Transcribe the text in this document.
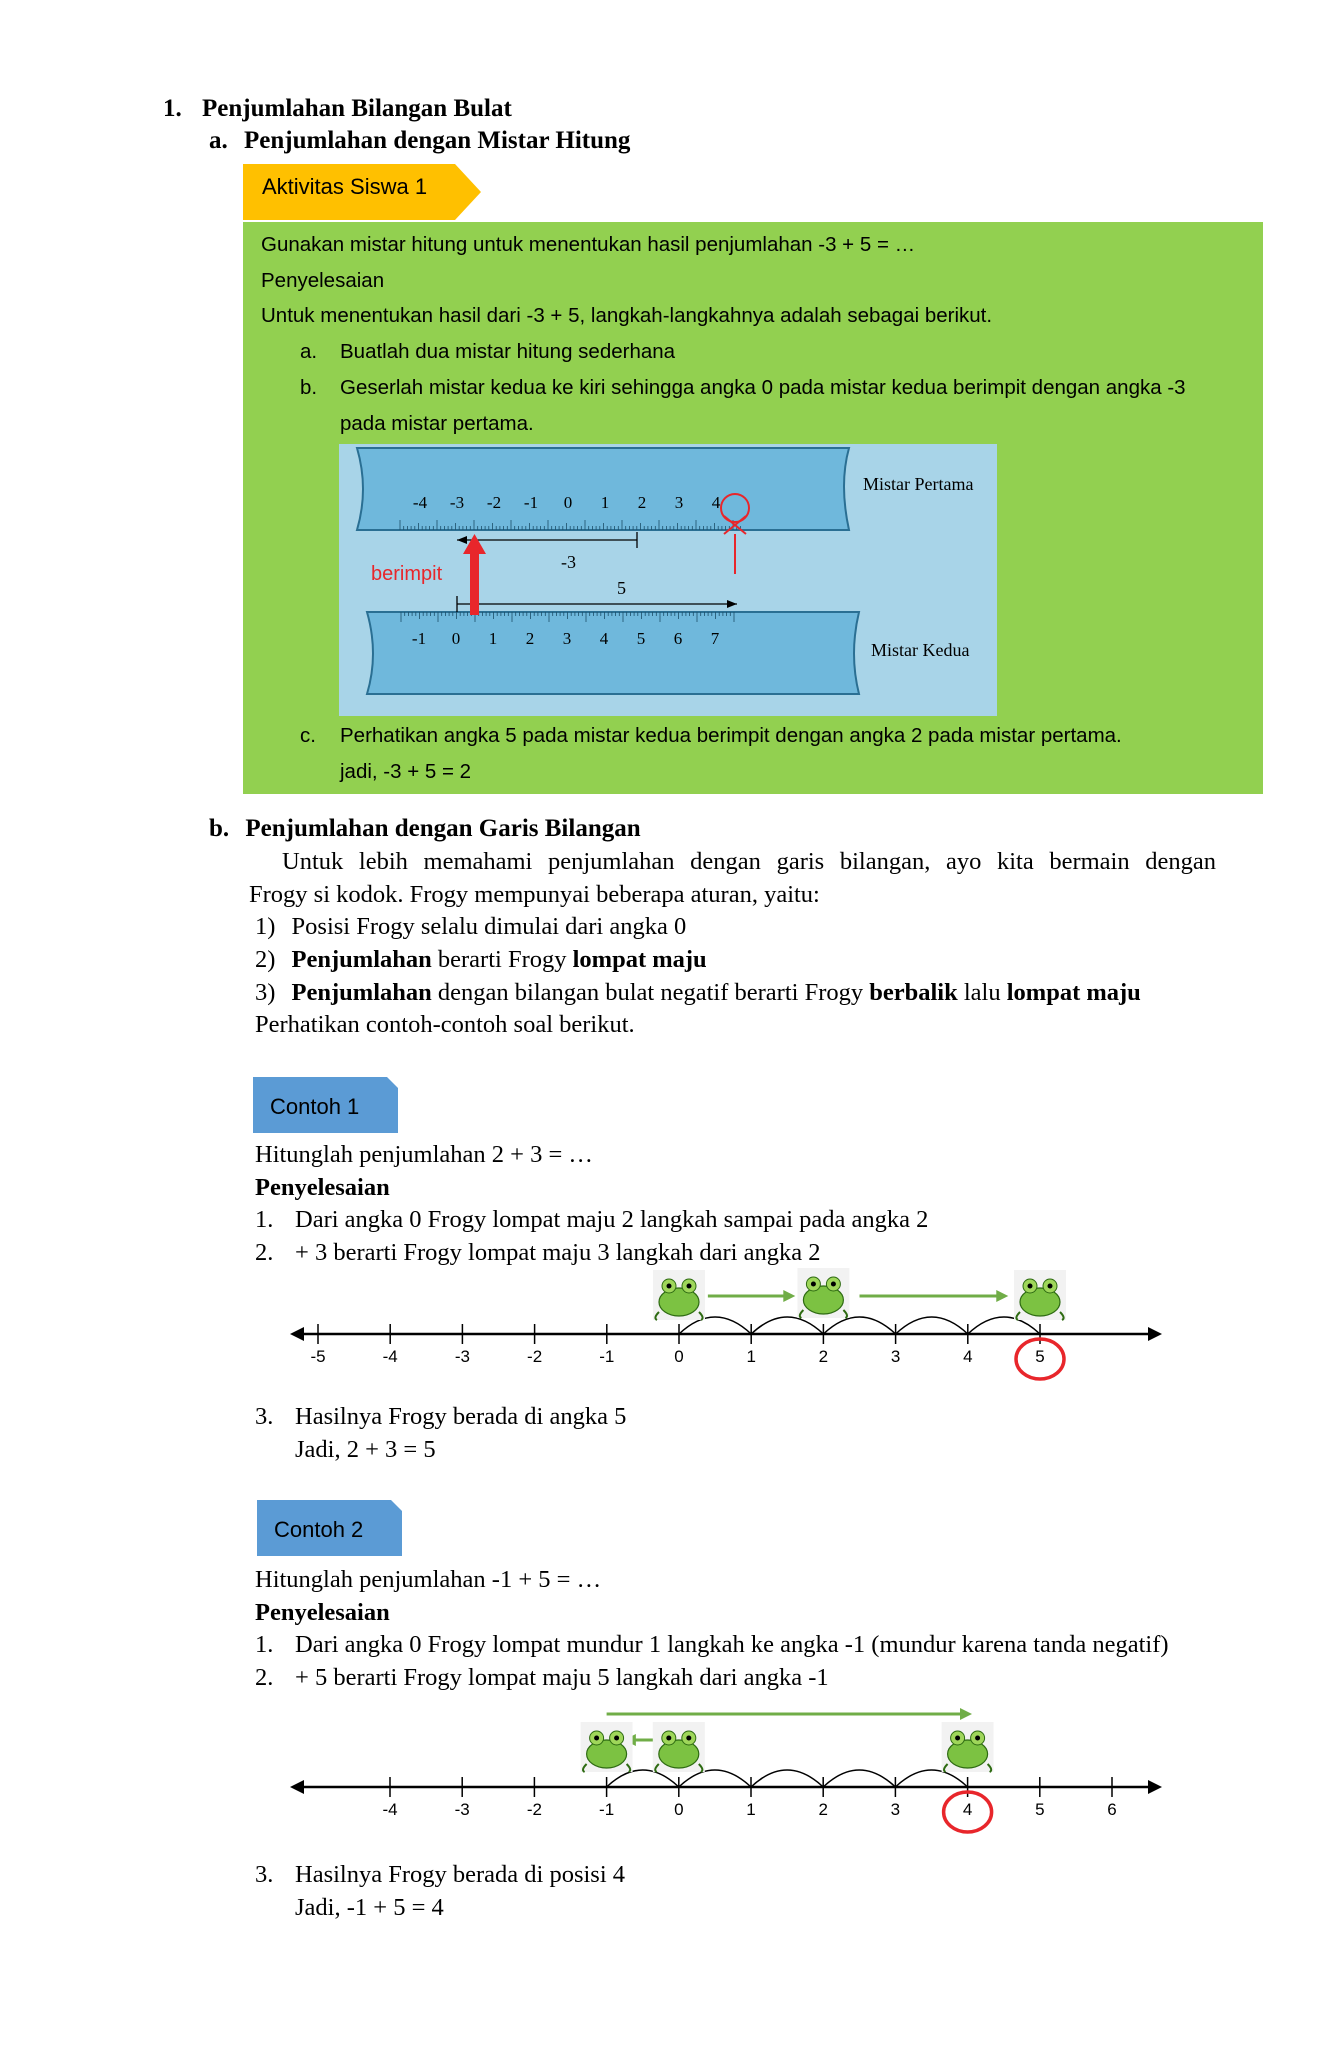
1. Penjumlahan Bilangan Bulat
a. Penjumlahan dengan Mistar Hitung
Aktivitas Siswa 1
Gunakan mistar hitung untuk menentukan hasil penjumlahan -3 + 5 = …
Penyelesaian
Untuk menentukan hasil dari -3 + 5, langkah-langkahnya adalah sebagai berikut.
a. Buatlah dua mistar hitung sederhana
b. Geserlah mistar kedua ke kiri sehingga angka 0 pada mistar kedua berimpit dengan angka -3
pada mistar pertama.
-4 -3 -2 -1 0 1 2 3 4
-1 0 1 2 3 4 5 6 7
-3
5
berimpit
Mistar Pertama
Mistar Kedua
c. Perhatikan angka 5 pada mistar kedua berimpit dengan angka 2 pada mistar pertama.
jadi, -3 + 5 = 2
b. Penjumlahan dengan Garis Bilangan
Untuk lebih memahami penjumlahan dengan garis bilangan, ayo kita bermain dengan
Frogy si kodok. Frogy mempunyai beberapa aturan, yaitu:
1) Posisi Frogy selalu dimulai dari angka 0
2) Penjumlahan berarti Frogy lompat maju
3) Penjumlahan dengan bilangan bulat negatif berarti Frogy berbalik lalu lompat maju
Perhatikan contoh-contoh soal berikut.
Contoh 1
Hitunglah penjumlahan 2 + 3 = …
Penyelesaian
1. Dari angka 0 Frogy lompat maju 2 langkah sampai pada angka 2
2. + 3 berarti Frogy lompat maju 3 langkah dari angka 2
-5	-4	-3	-2	-1	0	1	2	3	4	5
3. Hasilnya Frogy berada di angka 5
Jadi, 2 + 3 = 5
Contoh 2
Hitunglah penjumlahan -1 + 5 = …
Penyelesaian
1. Dari angka 0 Frogy lompat mundur 1 langkah ke angka -1 (mundur karena tanda negatif)
2. + 5 berarti Frogy lompat maju 5 langkah dari angka -1
-4	-3	-2	-1	0	1	2	3	4	5	6
3. Hasilnya Frogy berada di posisi 4
Jadi, -1 + 5 = 4
